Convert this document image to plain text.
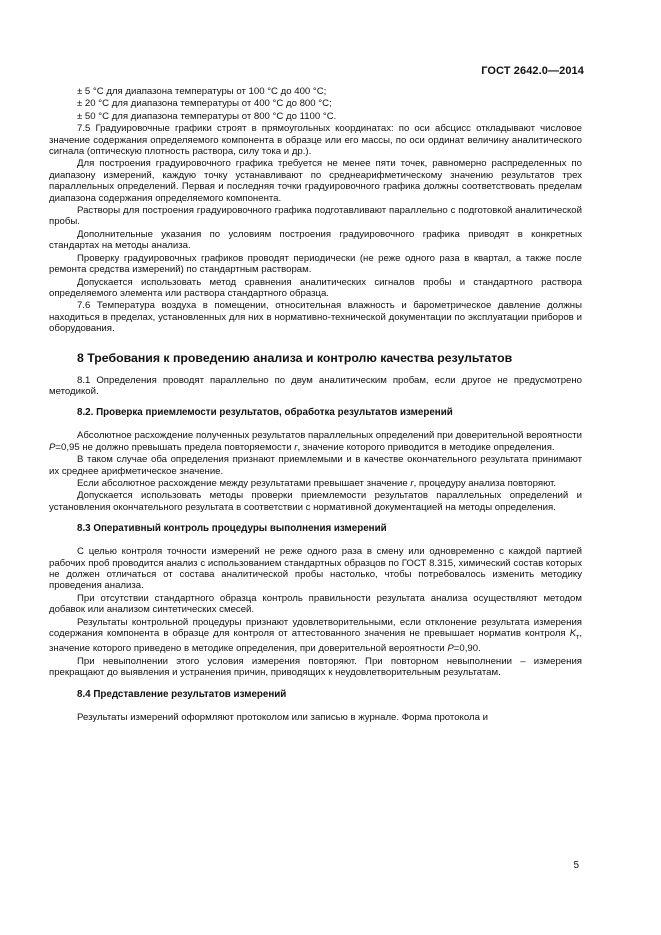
ГОСТ 2642.0—2014

± 5 °С для диапазона температуры от 100 °С до 400 °С;

± 20 °С для диапазона температуры от 400 °С до 800 °С;

± 50 °С для диапазона температуры от 800 °С до 1100 °С.

7.5 Градуировочные графики строят в прямоугольных координатах: по оси абсцисс откладывают числовое значение содержания определяемого компонента в образце или его массы, по оси ординат величину аналитического сигнала (оптическую плотность раствора, силу тока и др.).

Для построения градуировочного графика требуется не менее пяти точек, равномерно распределенных по диапазону измерений, каждую точку устанавливают по среднеарифметическому значению результатов трех параллельных определений. Первая и последняя точки градуировочного графика должны соответствовать пределам диапазона содержания определяемого компонента.

Растворы для построения градуировочного графика подготавливают параллельно с подготовкой аналитической пробы.

Дополнительные указания по условиям построения градуировочного графика приводят в конкретных стандартах на методы анализа.

Проверку градуировочных графиков проводят периодически (не реже одного раза в квартал, а также после ремонта средства измерений) по стандартным растворам.

Допускается использовать метод сравнения аналитических сигналов пробы и стандартного раствора определяемого элемента или раствора стандартного образца.

7.6 Температура воздуха в помещении, относительная влажность и барометрическое давление должны находиться в пределах, установленных для них в нормативно-технической документации по эксплуатации приборов и оборудования.

8 Требования к проведению анализа и контролю качества результатов

8.1 Определения проводят параллельно по двум аналитическим пробам, если другое не предусмотрено методикой.

8.2. Проверка приемлемости результатов, обработка результатов измерений

Абсолютное расхождение полученных результатов параллельных определений при доверительной вероятности P=0,95 не должно превышать предела повторяемости r, значение которого приводится в методике определения.

В таком случае оба определения признают приемлемыми и в качестве окончательного результата принимают их среднее арифметическое значение.

Если абсолютное расхождение между результатами превышает значение r, процедуру анализа повторяют.

Допускается использовать методы проверки приемлемости результатов параллельных определений и установления окончательного результата в соответствии с нормативной документацией на методы определения.

8.3 Оперативный контроль процедуры выполнения измерений

С целью контроля точности измерений не реже одного раза в смену или одновременно с каждой партией рабочих проб проводится анализ с использованием стандартных образцов по ГОСТ 8.315, химический состав которых не должен отличаться от состава аналитической пробы настолько, чтобы потребовалось изменить методику проведения анализа.

При отсутствии стандартного образца контроль правильности результата анализа осуществляют методом добавок или анализом синтетических смесей.

Результаты контрольной процедуры признают удовлетворительными, если отклонение результата измерения содержания компонента в образце для контроля от аттестованного значения не превышает норматив контроля $K_т$, значение которого приведено в методике определения, при доверительной вероятности P=0,90.

При невыполнении этого условия измерения повторяют. При повторном невыполнении – измерения прекращают до выявления и устранения причин, приводящих к неудовлетворительным результатам.

8.4 Представление результатов измерений

Результаты измерений оформляют протоколом или записью в журнале. Форма протокола и

5
